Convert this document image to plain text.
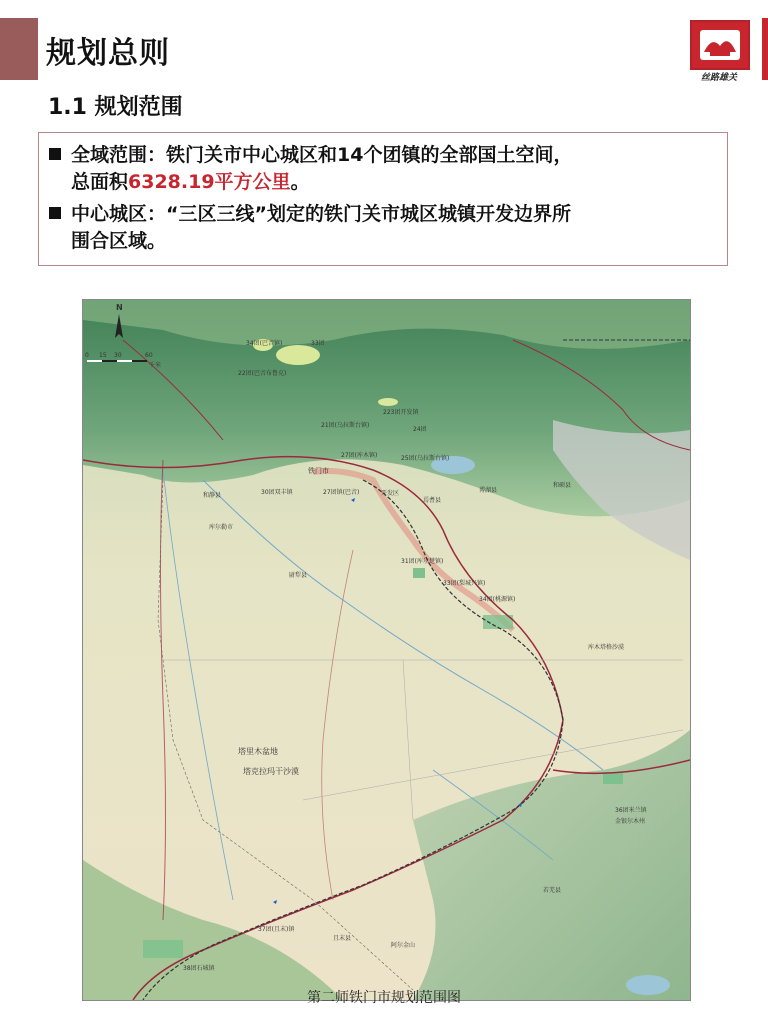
规划总则
丝路雄关
1.1 规划范围
全域范围：铁门关市中心城区和14个团镇的全部国土空间，
总面积6328.19平方公里。
中心城区：“三区三线”划定的铁门关市城区城镇开发边界所
围合区域。
N
0 15 30	60
千米
34团(巴音镇)	33团
22团(巴音布鲁克)
223团开发镇
21团(乌拉斯台镇)
24团
27团(库木镇)	25团(乌拉斯台镇)
30团双丰镇	27团镇(巴音)
铁门市
开发区
31团(库尔楚镇)
33团(梨城兴镇)
34团(桃源镇)
和硕县
和静县
焉耆县
博湖县
库尔勒市
尉犁县
库木塔格沙漠
塔里木盆地
塔克拉玛干沙漠
36团米兰镇
金银尔木州
若羌县
且末县
37团(且末)镇
38团石城镇
阿尔金山
第二师铁门市规划范围图
